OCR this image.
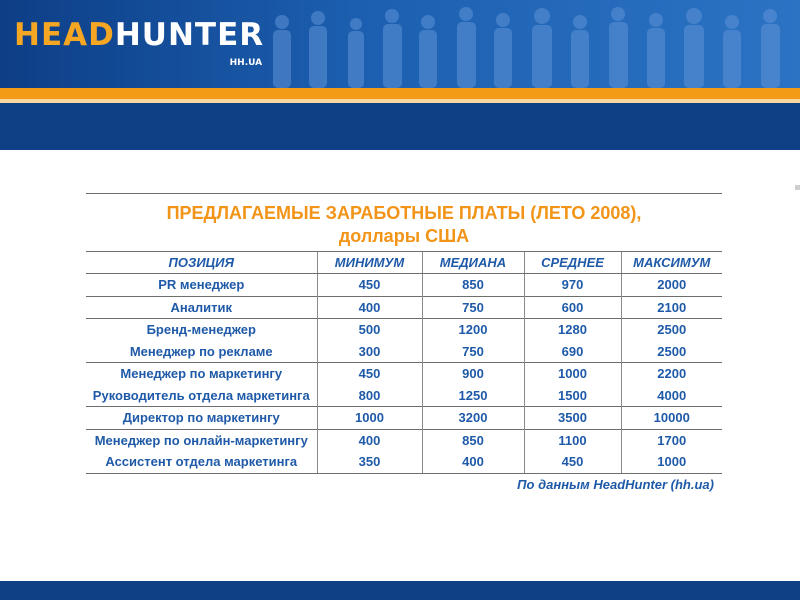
HEADHUNTER
HH.UA
ПРЕДЛАГАЕМЫЕ ЗАРАБОТНЫЕ ПЛАТЫ (ЛЕТО 2008),
доллары США
ПОЗИЦИЯ	МИНИМУМ	МЕДИАНА	СРЕДНЕЕ	МАКСИМУМ
PR менеджер	450	850	970	2000
Аналитик	400	750	600	2100
Бренд-менеджер	500	1200	1280	2500
Менеджер по рекламе	300	750	690	2500
Менеджер по маркетингу	450	900	1000	2200
Руководитель отдела маркетинга	800	1250	1500	4000
Директор по маркетингу	1000	3200	3500	10000
Менеджер по онлайн-маркетингу	400	850	1100	1700
Ассистент отдела маркетинга	350	400	450	1000
По данным HeadHunter (hh.ua)
